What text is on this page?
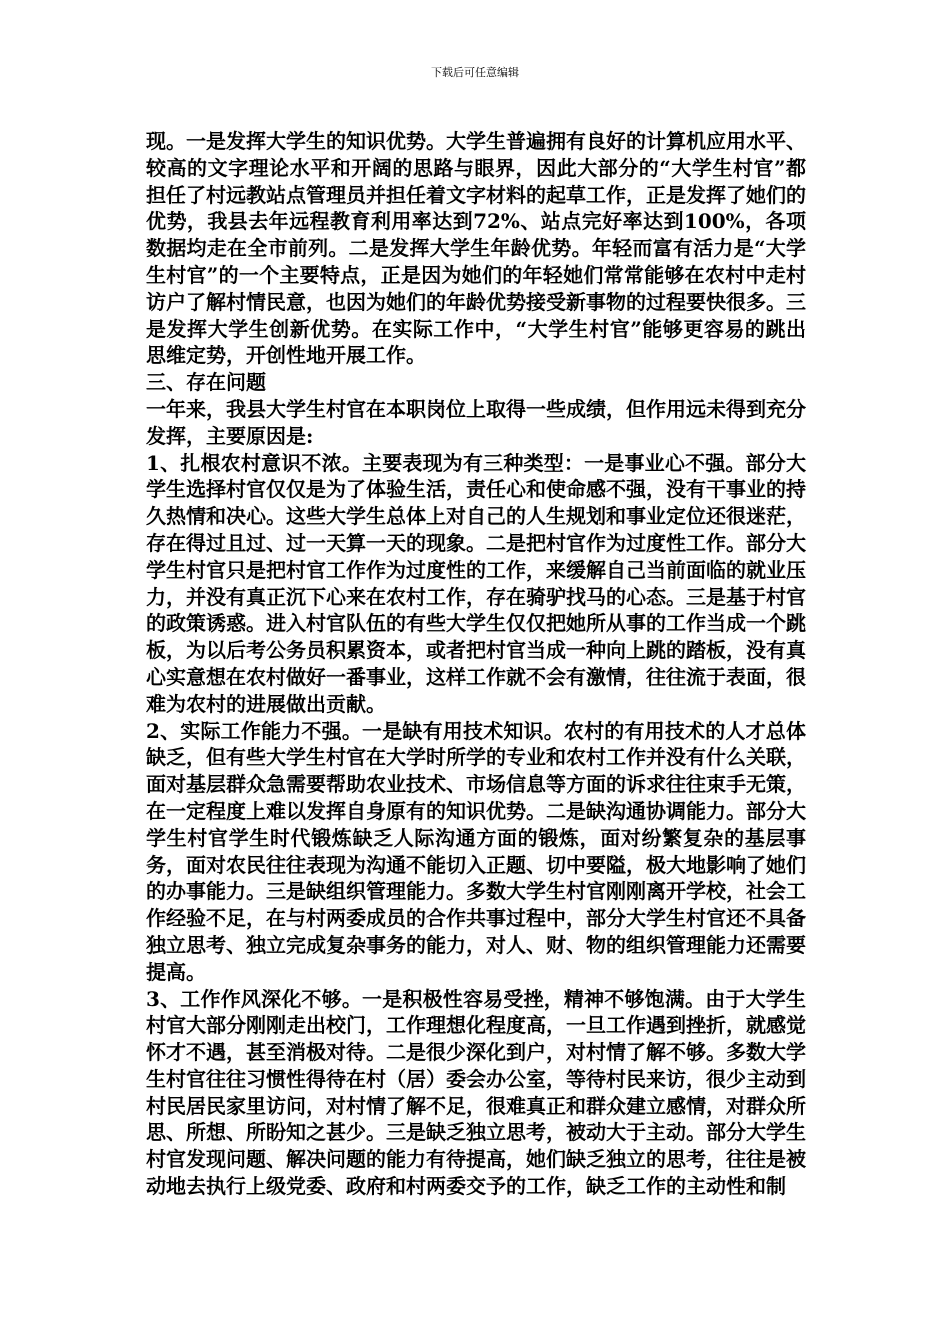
下载后可任意编辑

现。一是发挥大学生的知识优势。大学生普遍拥有良好的计算机应用水平、较高的文字理论水平和开阔的思路与眼界，因此大部分的“大学生村官”都担任了村远教站点管理员并担任着文字材料的起草工作，正是发挥了她们的优势，我县去年远程教育利用率达到72%、站点完好率达到100%，各项数据均走在全市前列。二是发挥大学生年龄优势。年轻而富有活力是“大学生村官”的一个主要特点，正是因为她们的年轻她们常常能够在农村中走村访户了解村情民意，也因为她们的年龄优势接受新事物的过程要快很多。三是发挥大学生创新优势。在实际工作中，“大学生村官”能够更容易的跳出思维定势，开创性地开展工作。

三、存在问题

一年来，我县大学生村官在本职岗位上取得一些成绩，但作用远未得到充分发挥，主要原因是:

1、扎根农村意识不浓。主要表现为有三种类型：一是事业心不强。部分大学生选择村官仅仅是为了体验生活，责任心和使命感不强，没有干事业的持久热情和决心。这些大学生总体上对自己的人生规划和事业定位还很迷茫，存在得过且过、过一天算一天的现象。二是把村官作为过度性工作。部分大学生村官只是把村官工作作为过度性的工作，来缓解自己当前面临的就业压力，并没有真正沉下心来在农村工作，存在骑驴找马的心态。三是基于村官的政策诱惑。进入村官队伍的有些大学生仅仅把她所从事的工作当成一个跳板，为以后考公务员积累资本，或者把村官当成一种向上跳的踏板，没有真心实意想在农村做好一番事业，这样工作就不会有激情，往往流于表面，很难为农村的进展做出贡献。

2、实际工作能力不强。一是缺有用技术知识。农村的有用技术的人才总体缺乏，但有些大学生村官在大学时所学的专业和农村工作并没有什么关联，面对基层群众急需要帮助农业技术、市场信息等方面的诉求往往束手无策，在一定程度上难以发挥自身原有的知识优势。二是缺沟通协调能力。部分大学生村官学生时代锻炼缺乏人际沟通方面的锻炼，面对纷繁复杂的基层事务，面对农民往往表现为沟通不能切入正题、切中要隘，极大地影响了她们的办事能力。三是缺组织管理能力。多数大学生村官刚刚离开学校，社会工作经验不足，在与村两委成员的合作共事过程中，部分大学生村官还不具备独立思考、独立完成复杂事务的能力，对人、财、物的组织管理能力还需要提高。

3、工作作风深化不够。一是积极性容易受挫，精神不够饱满。由于大学生村官大部分刚刚走出校门，工作理想化程度高，一旦工作遇到挫折，就感觉怀才不遇，甚至消极对待。二是很少深化到户，对村情了解不够。多数大学生村官往往习惯性得待在村（居）委会办公室，等待村民来访，很少主动到村民居民家里访问，对村情了解不足，很难真正和群众建立感情，对群众所思、所想、所盼知之甚少。三是缺乏独立思考，被动大于主动。部分大学生村官发现问题、解决问题的能力有待提高，她们缺乏独立的思考，往往是被动地去执行上级党委、政府和村两委交予的工作，缺乏工作的主动性和制
